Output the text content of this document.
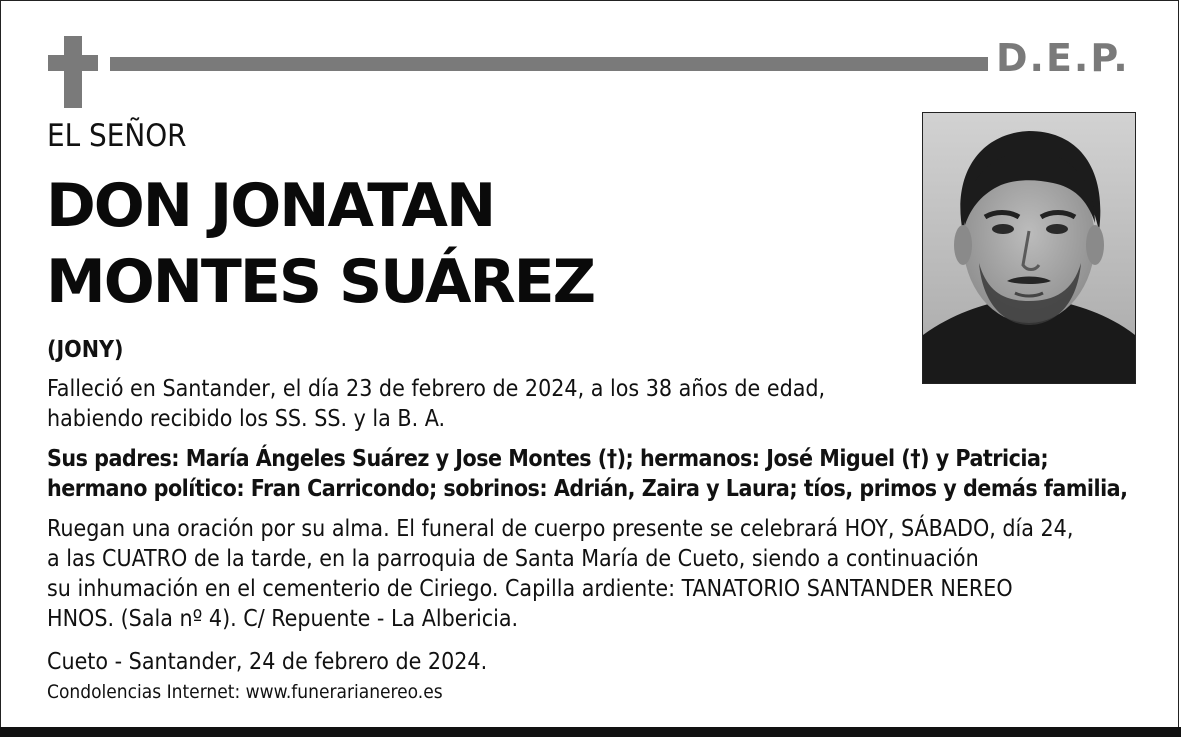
D.E.P.
EL SEÑOR
DON JONATAN
MONTES SUÁREZ
(JONY)
Falleció en Santander, el día 23 de febrero de 2024, a los 38 años de edad,
habiendo recibido los SS. SS. y la B. A.
Sus padres: María Ángeles Suárez y Jose Montes (†); hermanos: José Miguel (†) y Patricia;
hermano político: Fran Carricondo; sobrinos: Adrián, Zaira y Laura; tíos, primos y demás familia,
Ruegan una oración por su alma. El funeral de cuerpo presente se celebrará HOY, SÁBADO, día 24,
a las CUATRO de la tarde, en la parroquia de Santa María de Cueto, siendo a continuación
su inhumación en el cementerio de Ciriego. Capilla ardiente: TANATORIO SANTANDER NEREO
HNOS. (Sala nº 4). C/ Repuente - La Albericia.
Cueto - Santander, 24 de febrero de 2024.
Condolencias Internet: www.funerarianereo.es
